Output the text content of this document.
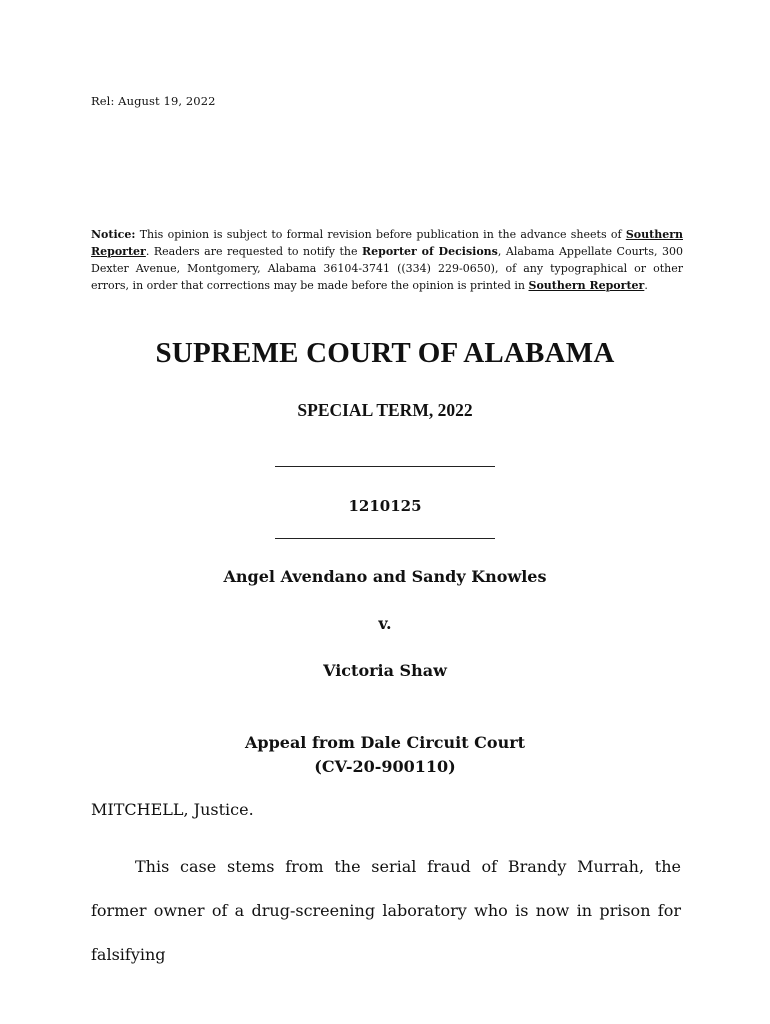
Rel: August 19, 2022
Notice: This opinion is subject to formal revision before publication in the advance sheets of Southern Reporter. Readers are requested to notify the Reporter of Decisions, Alabama Appellate Courts, 300 Dexter Avenue, Montgomery, Alabama 36104-3741 ((334) 229-0650), of any typographical or other errors, in order that corrections may be made before the opinion is printed in Southern Reporter.
SUPREME COURT OF ALABAMA
SPECIAL TERM, 2022
1210125
Angel Avendano and Sandy Knowles
v.
Victoria Shaw
Appeal from Dale Circuit Court
(CV-20-900110)
MITCHELL, Justice.
This case stems from the serial fraud of Brandy Murrah, the former owner of a drug-screening laboratory who is now in prison for falsifying
